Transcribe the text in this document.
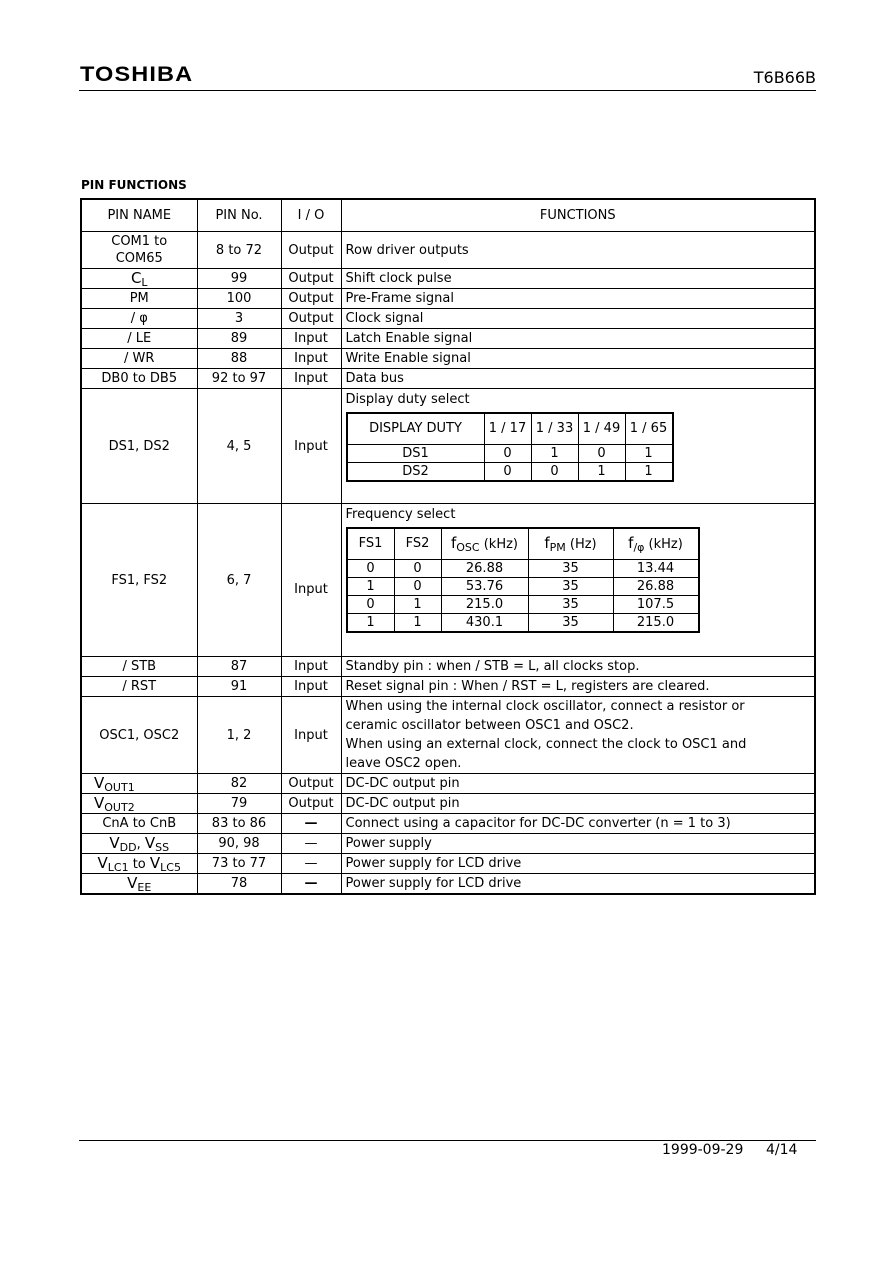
TOSHIBA	T6B66B
PIN FUNCTIONS
PIN NAME	PIN No.	I / O	FUNCTIONS
COM1 to
COM65	8 to 72	Output	Row driver outputs
$C_L$	99	Output	Shift clock pulse
PM	100	Output	Pre-Frame signal
/ φ	3	Output	Clock signal
/ LE	89	Input	Latch Enable signal
/ WR	88	Input	Write Enable signal
DB0 to DB5	92 to 97	Input	Data bus
DS1, DS2	4, 5	Input	
Display duty select
DISPLAY DUTY	1 / 17	1 / 33	1 / 49	1 / 65
DS1	0	1	0	1
DS2	0	0	1	1

FS1, FS2	6, 7	Input	
Frequency select
FS1	FS2	$f_{OSC}$ (kHz)	$f_{PM}$ (Hz)	$f_{/\varphi}$ (kHz)
0	0	26.88	35	13.44
1	0	53.76	35	26.88
0	1	215.0	35	107.5
1	1	430.1	35	215.0

/ STB	87	Input	Standby pin : when / STB = L, all clocks stop.
/ RST	91	Input	Reset signal pin : When / RST = L, registers are cleared.
OSC1, OSC2	1, 2	Input	When using the internal clock oscillator, connect a resistor or
ceramic oscillator between OSC1 and OSC2.
When using an external clock, connect the clock to OSC1 and
leave OSC2 open.
$V_{OUT1}$	82	Output	DC-DC output pin
$V_{OUT2}$	79	Output	DC-DC output pin
CnA to CnB	83 to 86	—	Connect using a capacitor for DC-DC converter (n = 1 to 3)
$V_{DD}$, $V_{SS}$	90, 98	—	Power supply
$V_{LC1}$ to $V_{LC5}$	73 to 77	—	Power supply for LCD drive
$V_{EE}$	78	—	Power supply for LCD drive
1999-09-29 4/14
